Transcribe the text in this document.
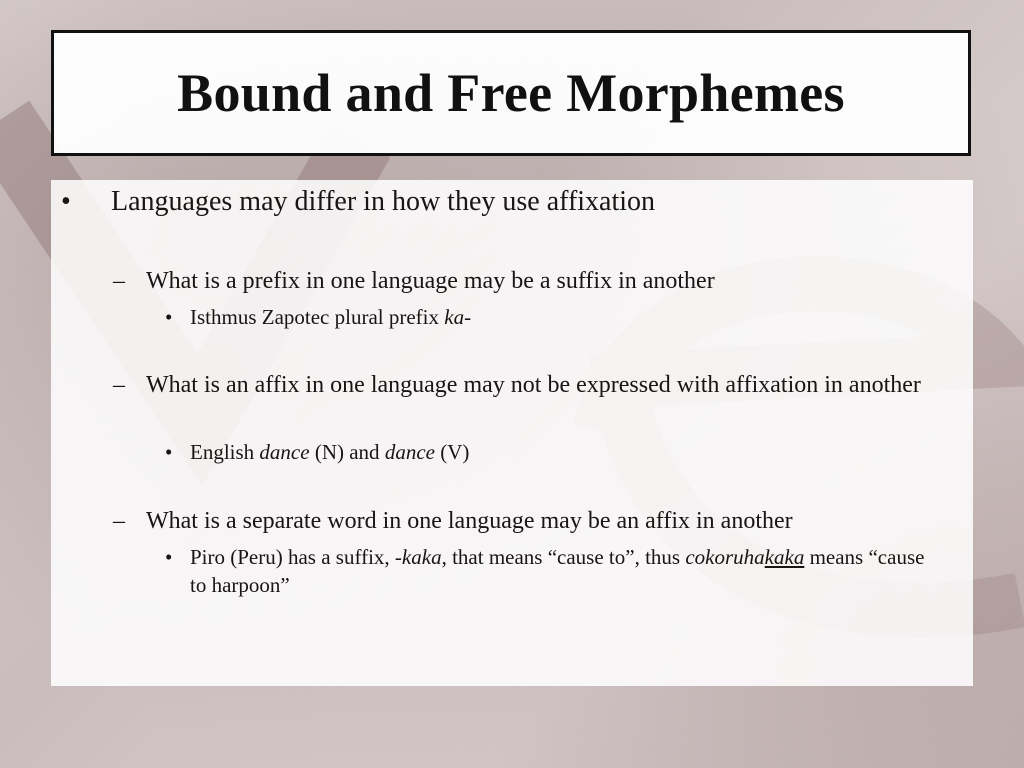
Bound and Free Morphemes
• Languages may differ in how they use affixation
– What is a prefix in one language may be a suffix in another
• Isthmus Zapotec plural prefix ka-
– What is an affix in one language may not be expressed with affixation in another
• English dance (N) and dance (V)
– What is a separate word in one language may be an affix in another
• Piro (Peru) has a suffix, -kaka, that means “cause to”, thus cokoruhakaka means “cause to harpoon”
